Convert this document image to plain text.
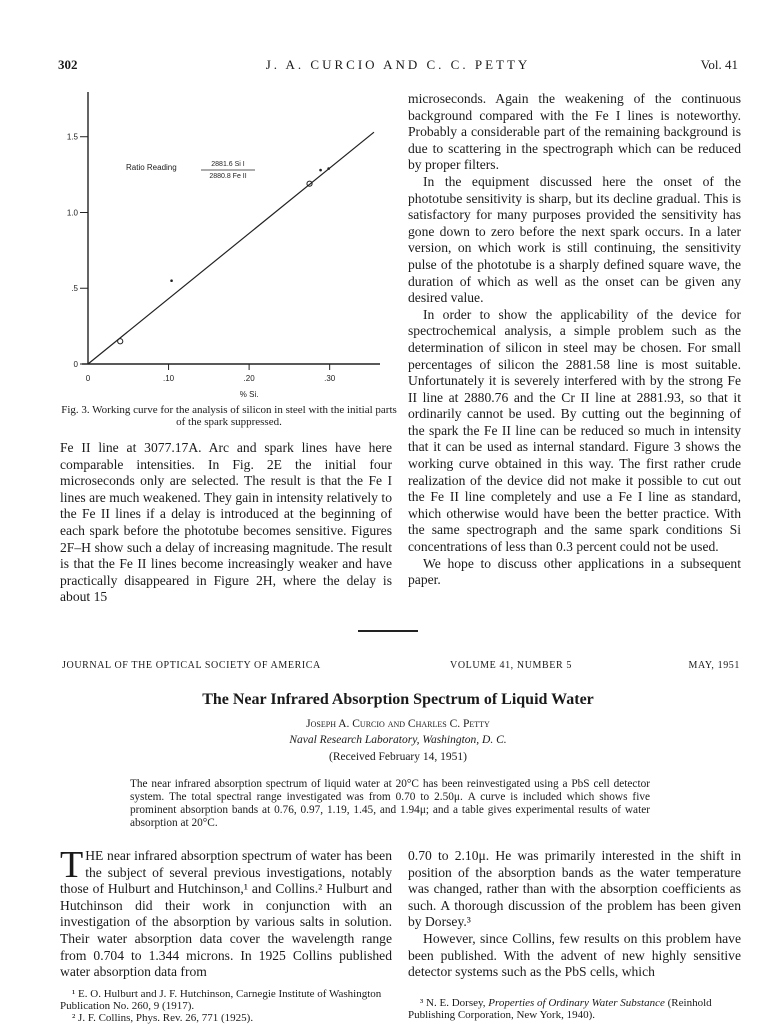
302	J. A. CURCIO AND C. C. PETTY	Vol. 41
1.5
1.0
.5
0
.10	.20	.30
0
% Si.
Ratio Reading	2881.6 Si I
2880.8 Fe II
Fig. 3. Working curve for the analysis of silicon in steel with the initial parts of the spark suppressed.

Fe II line at 3077.17A. Arc and spark lines have here comparable intensities. In Fig. 2E the initial four microseconds only are selected. The result is that the Fe I lines are much weakened. They gain in intensity relatively to the Fe II lines if a delay is introduced at the beginning of each spark before the phototube becomes sensitive. Figures 2F–H show such a delay of increasing magnitude. The result is that the Fe II lines become increasingly weaker and have practically disappeared in Figure 2H, where the delay is about 15

microseconds. Again the weakening of the continuous background compared with the Fe I lines is noteworthy. Probably a considerable part of the remaining background is due to scattering in the spectrograph which can be reduced by proper filters.

In the equipment discussed here the onset of the phototube sensitivity is sharp, but its decline gradual. This is satisfactory for many purposes provided the sensitivity has gone down to zero before the next spark occurs. In a later version, on which work is still continuing, the sensitivity pulse of the phototube is a sharply defined square wave, the duration of which as well as the onset can be given any desired value.

In order to show the applicability of the device for spectrochemical analysis, a simple problem such as the determination of silicon in steel may be chosen. For small percentages of silicon the 2881.58 line is most suitable. Unfortunately it is severely interfered with by the strong Fe II line at 2880.76 and the Cr II line at 2881.93, so that it ordinarily cannot be used. By cutting out the beginning of the spark the Fe II line can be reduced so much in intensity that it can be used as internal standard. Figure 3 shows the working curve obtained in this way. The first rather crude realization of the device did not make it possible to cut out the Fe II line completely and use a Fe I line as standard, which otherwise would have been the better practice. With the same spectrograph and the same spark conditions Si concentrations of less than 0.3 percent could not be used.

We hope to discuss other applications in a subsequent paper.

JOURNAL OF THE OPTICAL SOCIETY OF AMERICA	VOLUME 41, NUMBER 5	MAY, 1951
The Near Infrared Absorption Spectrum of Liquid Water
Joseph A. Curcio and Charles C. Petty
Naval Research Laboratory, Washington, D. C.
(Received February 14, 1951)
The near infrared absorption spectrum of liquid water at 20°C has been reinvestigated using a PbS cell detector system. The total spectral range investigated was from 0.70 to 2.50μ. A curve is included which shows five prominent absorption bands at 0.76, 0.97, 1.19, 1.45, and 1.94μ; and a table gives experimental results of water absorption at 20°C.

THE near infrared absorption spectrum of water has been the subject of several previous investigations, notably those of Hulburt and Hutchinson,¹ and Collins.² Hulburt and Hutchinson did their work in conjunction with an investigation of the absorption by various salts in solution. Their water absorption data cover the wavelength range from 0.704 to 1.344 microns. In 1925 Collins published water absorption data from

0.70 to 2.10μ. He was primarily interested in the shift in position of the absorption bands as the water temperature was changed, rather than with the absorption coefficients as such. A thorough discussion of the problem has been given by Dorsey.³

However, since Collins, few results on this problem have been published. With the advent of new highly sensitive detector systems such as the PbS cells, which

¹ E. O. Hulburt and J. F. Hutchinson, Carnegie Institute of Washington Publication No. 260, 9 (1917).
² J. F. Collins, Phys. Rev. 26, 771 (1925).
³ N. E. Dorsey, Properties of Ordinary Water Substance (Reinhold Publishing Corporation, New York, 1940).
